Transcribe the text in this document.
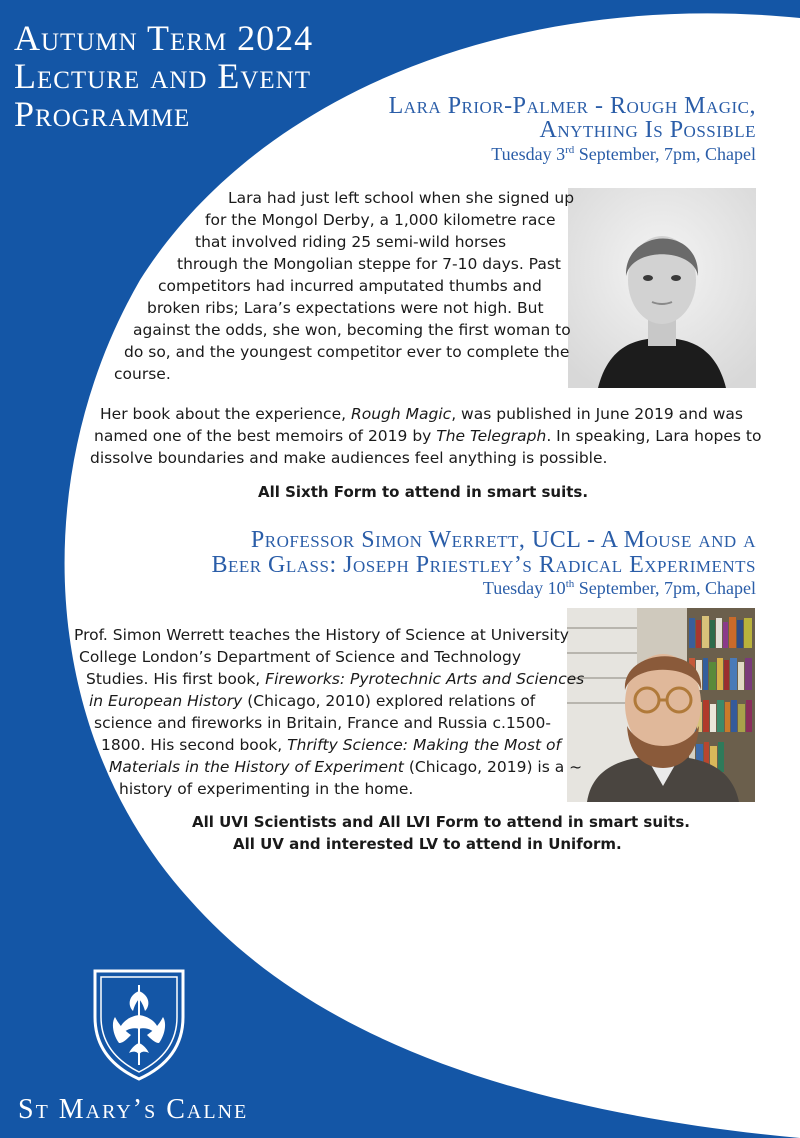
Autumn Term 2024
Lecture and Event
Programme	Lara Prior-Palmer - Rough Magic,
Anything Is Possible
Tuesday 3rd September, 7pm, Chapel
Lara had just left school when she signed up
for the Mongol Derby, a 1,000 kilometre race
that involved riding 25 semi-wild horses
through the Mongolian steppe for 7-10 days. Past
competitors had incurred amputated thumbs and
broken ribs; Lara’s expectations were not high. But
against the odds, she won, becoming the first woman to
do so, and the youngest competitor ever to complete the
course.
Her book about the experience, Rough Magic, was published in June 2019 and was
named one of the best memoirs of 2019 by The Telegraph. In speaking, Lara hopes to
dissolve boundaries and make audiences feel anything is possible.
All Sixth Form to attend in smart suits.
Professor Simon Werrett, UCL - A Mouse and a
Beer Glass: Joseph Priestley’s Radical Experiments
Tuesday 10th September, 7pm, Chapel
Prof. Simon Werrett teaches the History of Science at University
College London’s Department of Science and Technology
Studies. His first book, Fireworks: Pyrotechnic Arts and Sciences
in European History (Chicago, 2010) explored relations of
science and fireworks in Britain, France and Russia c.1500-
1800. His second book, Thrifty Science: Making the Most of
Materials in the History of Experiment (Chicago, 2019) is a ~
history of experimenting in the home.
All UVI Scientists and All LVI Form to attend in smart suits.
All UV and interested LV to attend in Uniform.
St Mary’s Calne
